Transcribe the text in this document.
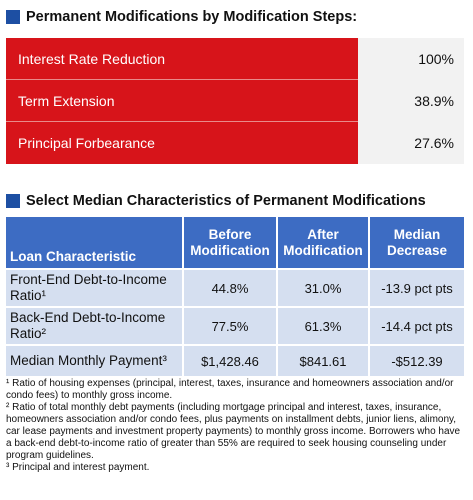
Permanent Modifications by Modification Steps:
Interest Rate Reduction	100%
Term Extension	38.9%
Principal Forbearance	27.6%
Select Median Characteristics of Permanent Modifications
Loan Characteristic	Before Modification	After Modification	Median Decrease
Front-End Debt-to-Income Ratio¹	44.8%	31.0%	-13.9 pct pts
Back-End Debt-to-Income Ratio²	77.5%	61.3%	-14.4 pct pts
Median Monthly Payment³	$1,428.46	$841.61	-$512.39

¹ Ratio of housing expenses (principal, interest, taxes, insurance and homeowners association and/or condo fees) to monthly gross income.

² Ratio of total monthly debt payments (including mortgage principal and interest, taxes, insurance, homeowners association and/or condo fees, plus payments on installment debts, junior liens, alimony, car lease payments and investment property payments) to monthly gross income. Borrowers who have a back-end debt-to-income ratio of greater than 55% are required to seek housing counseling under program guidelines.

³ Principal and interest payment.
